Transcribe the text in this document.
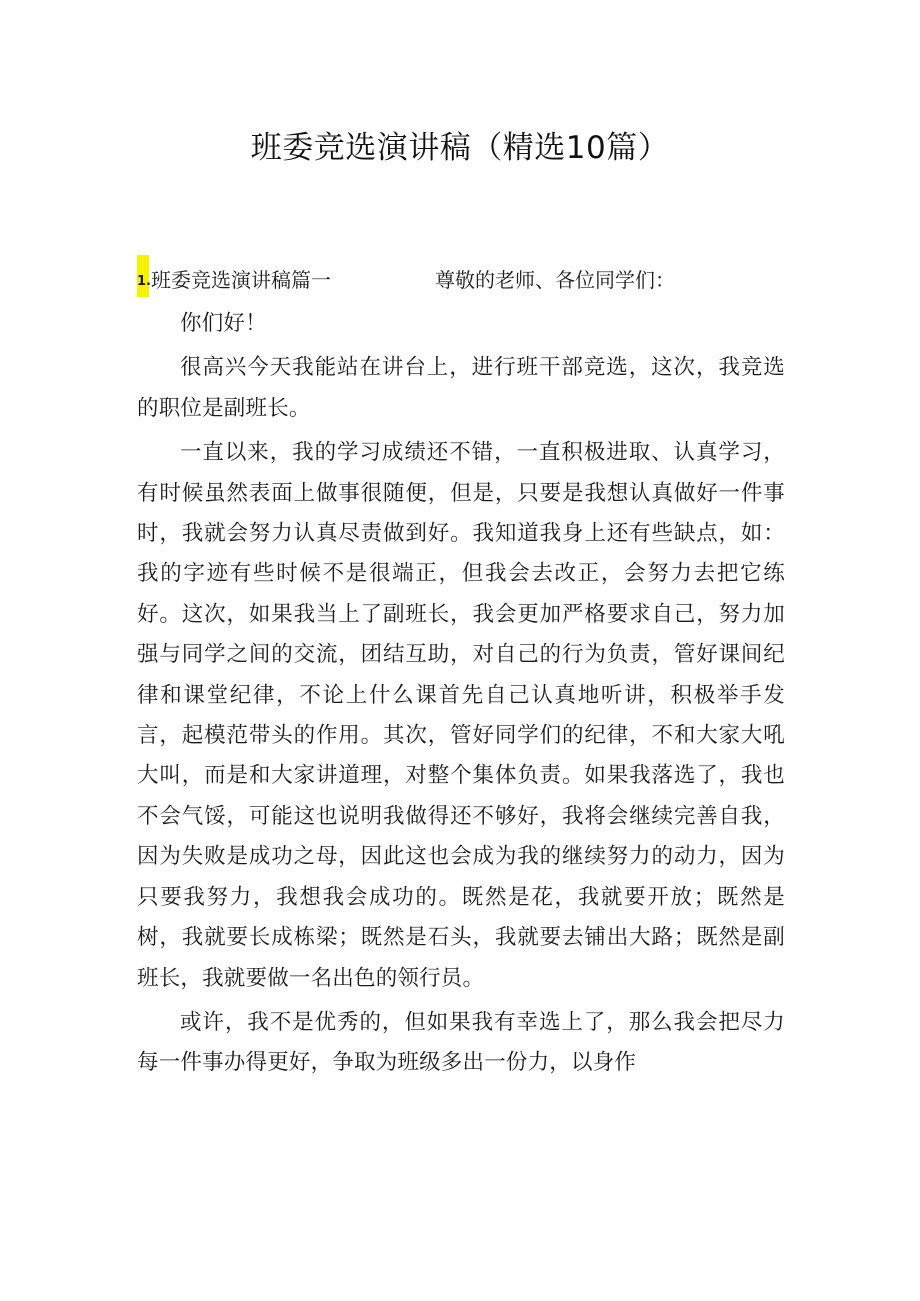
班委竞选演讲稿（精选10篇）
1. 班委竞选演讲稿篇一	尊敬的老师、各位同学们：

你们好！

很高兴今天我能站在讲台上，进行班干部竞选，这次，我竞选的职位是副班长。

一直以来，我的学习成绩还不错，一直积极进取、认真学习，有时候虽然表面上做事很随便，但是，只要是我想认真做好一件事时，我就会努力认真尽责做到好。我知道我身上还有些缺点，如：我的字迹有些时候不是很端正，但我会去改正，会努力去把它练好。这次，如果我当上了副班长，我会更加严格要求自己，努力加强与同学之间的交流，团结互助，对自己的行为负责，管好课间纪律和课堂纪律，不论上什么课首先自己认真地听讲，积极举手发言，起模范带头的作用。其次，管好同学们的纪律，不和大家大吼大叫，而是和大家讲道理，对整个集体负责。如果我落选了，我也不会气馁，可能这也说明我做得还不够好，我将会继续完善自我，因为失败是成功之母，因此这也会成为我的继续努力的动力，因为只要我努力，我想我会成功的。既然是花，我就要开放；既然是树，我就要长成栋梁；既然是石头，我就要去铺出大路；既然是副班长，我就要做一名出色的领行员。

或许，我不是优秀的，但如果我有幸选上了，那么我会把尽力每一件事办得更好，争取为班级多出一份力，以身作
